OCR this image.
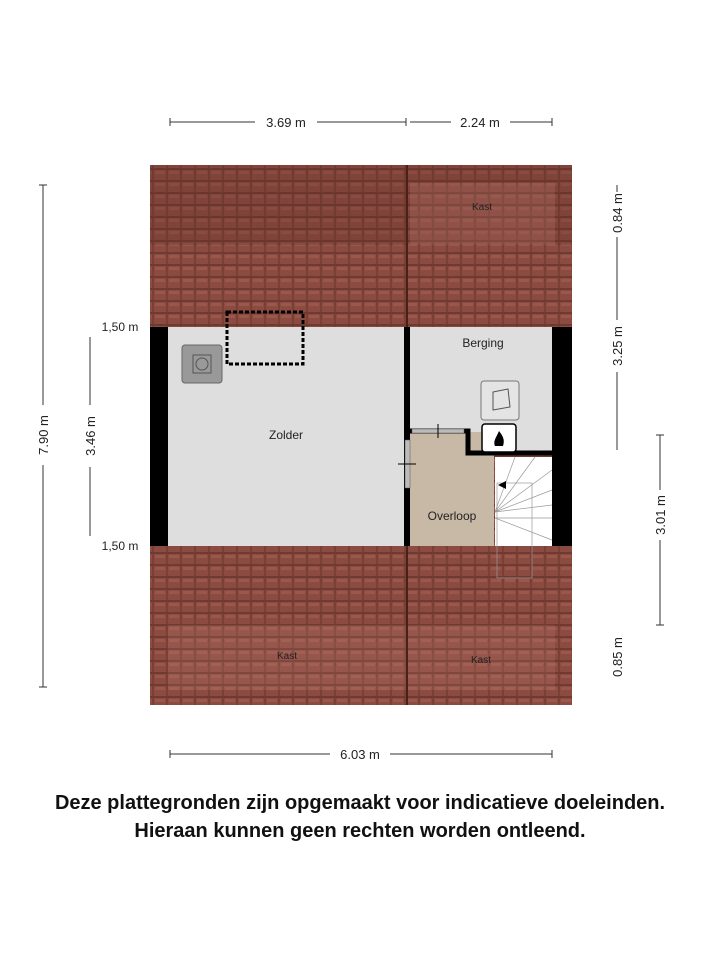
Zolder
Berging
Overloop
Kast
Kast	Kast
3.69 m	2.24 m
6.03 m
7.90 m 3.46 m
1,50 m
1,50 m
0.84 m
3.25 m
0.85 m
3.01 m
Deze plattegronden zijn opgemaakt voor indicatieve doeleinden.
Hieraan kunnen geen rechten worden ontleend.
